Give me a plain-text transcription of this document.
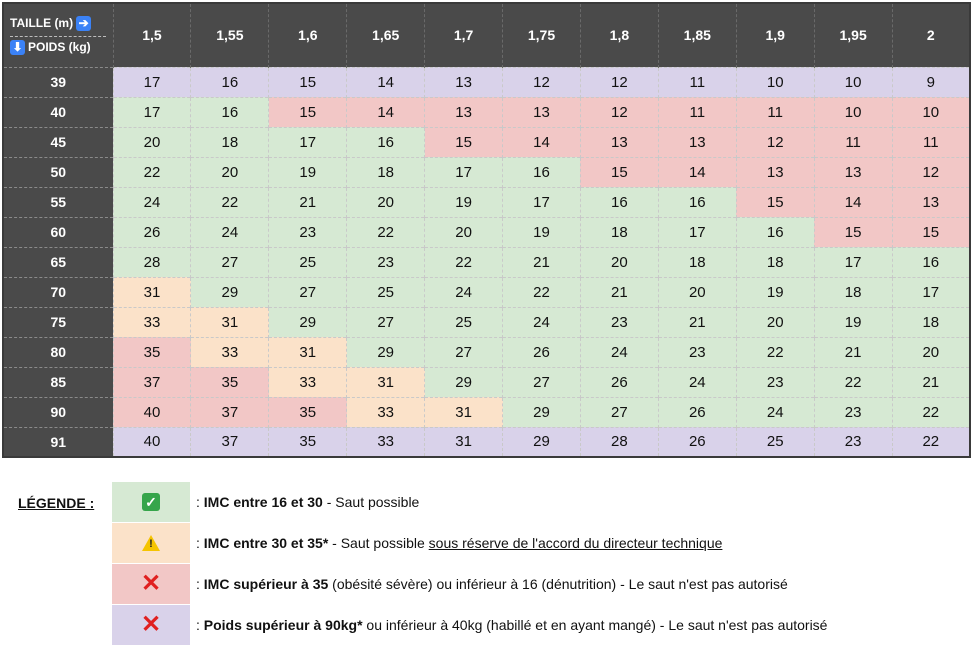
TAILLE (m) ➔
⬇ POIDS (kg)	1,5	1,55	1,6	1,65	1,7	1,75	1,8	1,85	1,9	1,95	2
39	17	16	15	14	13	12	12	11	10	10	9
40	17	16	15	14	13	13	12	11	11	10	10
45	20	18	17	16	15	14	13	13	12	11	11
50	22	20	19	18	17	16	15	14	13	13	12
55	24	22	21	20	19	17	16	16	15	14	13
60	26	24	23	22	20	19	18	17	16	15	15
65	28	27	25	23	22	21	20	18	18	17	16
70	31	29	27	25	24	22	21	20	19	18	17
75	33	31	29	27	25	24	23	21	20	19	18
80	35	33	31	29	27	26	24	23	22	21	20
85	37	35	33	31	29	27	26	24	23	22	21
90	40	37	35	33	31	29	27	26	24	23	22
91	40	37	35	33	31	29	28	26	25	23	22
LÉGENDE :	✓	: IMC entre 16 et 30 - Saut possible
!	: IMC entre 30 et 35* - Saut possible sous réserve de l'accord du directeur technique
✕	: IMC supérieur à 35 (obésité sévère) ou inférieur à 16 (dénutrition) - Le saut n'est pas autorisé
✕	: Poids supérieur à 90kg* ou inférieur à 40kg (habillé et en ayant mangé) - Le saut n'est pas autorisé
